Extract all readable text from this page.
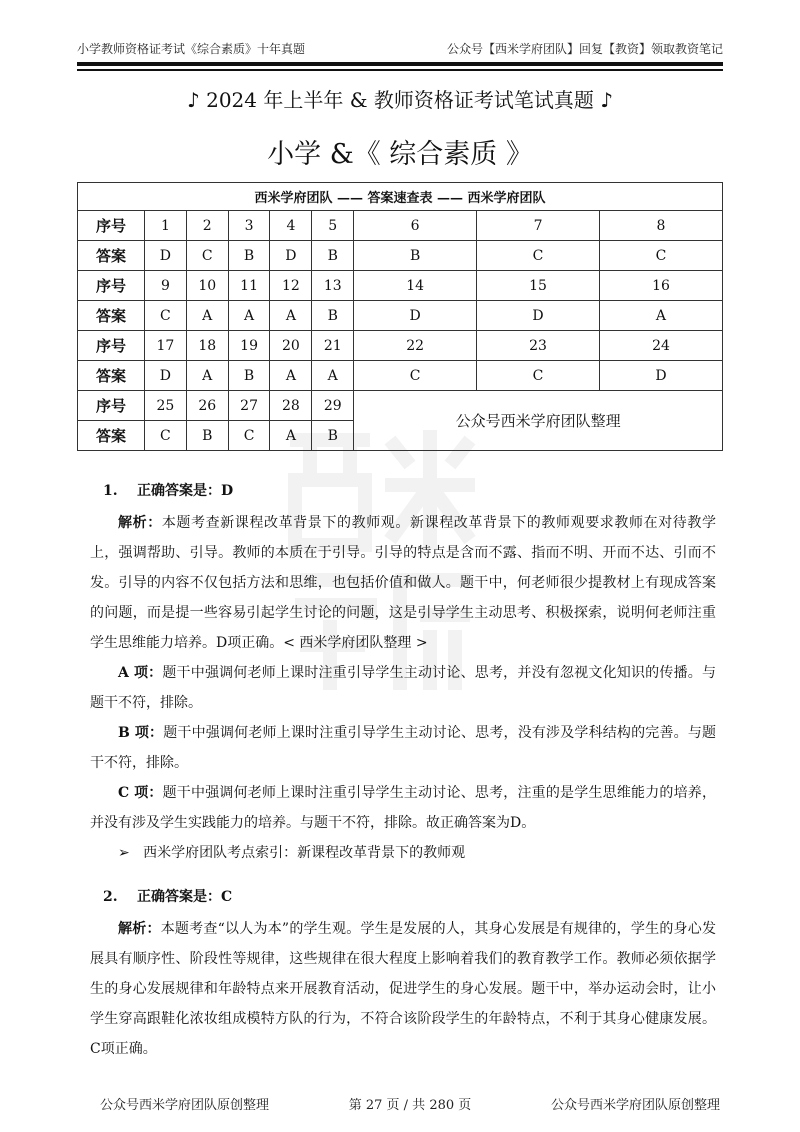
小学教师资格证考试《综合素质》十年真题	公众号【西米学府团队】回复【教资】领取教资笔记
♪ 2024 年上半年 & 教师资格证考试笔试真题 ♪
小学 &《 综合素质 》
西米学府团队 —— 答案速查表 —— 西米学府团队								
序号	1	2	3	4	5	6	7	8
答案	D	C	B	D	B	B	C	C
序号	9	10	11	12	13	14	15	16
答案	C	A	A	A	B	D	D	A
序号	17	18	19	20	21	22	23	24
答案	D	A	B	A	A	C	C	D
序号	25	26	27	28	29	公众号西米学府团队整理		
答案	C	B	C	A	B			

1. 正确答案是：D

解析：本题考查新课程改革背景下的教师观。新课程改革背景下的教师观要求教师在对待教学上，强调帮助、引导。教师的本质在于引导。引导的特点是含而不露、指而不明、开而不达、引而不发。引导的内容不仅包括方法和思维，也包括价值和做人。题干中，何老师很少提教材上有现成答案的问题，而是提一些容易引起学生讨论的问题，这是引导学生主动思考、积极探索，说明何老师注重学生思维能力培养。D项正确。< 西米学府团队整理 >

A 项：题干中强调何老师上课时注重引导学生主动讨论、思考，并没有忽视文化知识的传播。与题干不符，排除。

B 项：题干中强调何老师上课时注重引导学生主动讨论、思考，没有涉及学科结构的完善。与题干不符，排除。

C 项：题干中强调何老师上课时注重引导学生主动讨论、思考，注重的是学生思维能力的培养，并没有涉及学生实践能力的培养。与题干不符，排除。故正确答案为D。

➢   西米学府团队考点索引：新课程改革背景下的教师观

2. 正确答案是：C

解析：本题考查“以人为本”的学生观。学生是发展的人，其身心发展是有规律的，学生的身心发展具有顺序性、阶段性等规律，这些规律在很大程度上影响着我们的教育教学工作。教师必须依据学生的身心发展规律和年龄特点来开展教育活动，促进学生的身心发展。题干中，举办运动会时，让小学生穿高跟鞋化浓妆组成模特方队的行为，不符合该阶段学生的年龄特点，不利于其身心健康发展。C项正确。

公众号西米学府团队原创整理	第 27 页 / 共 280 页	公众号西米学府团队原创整理
